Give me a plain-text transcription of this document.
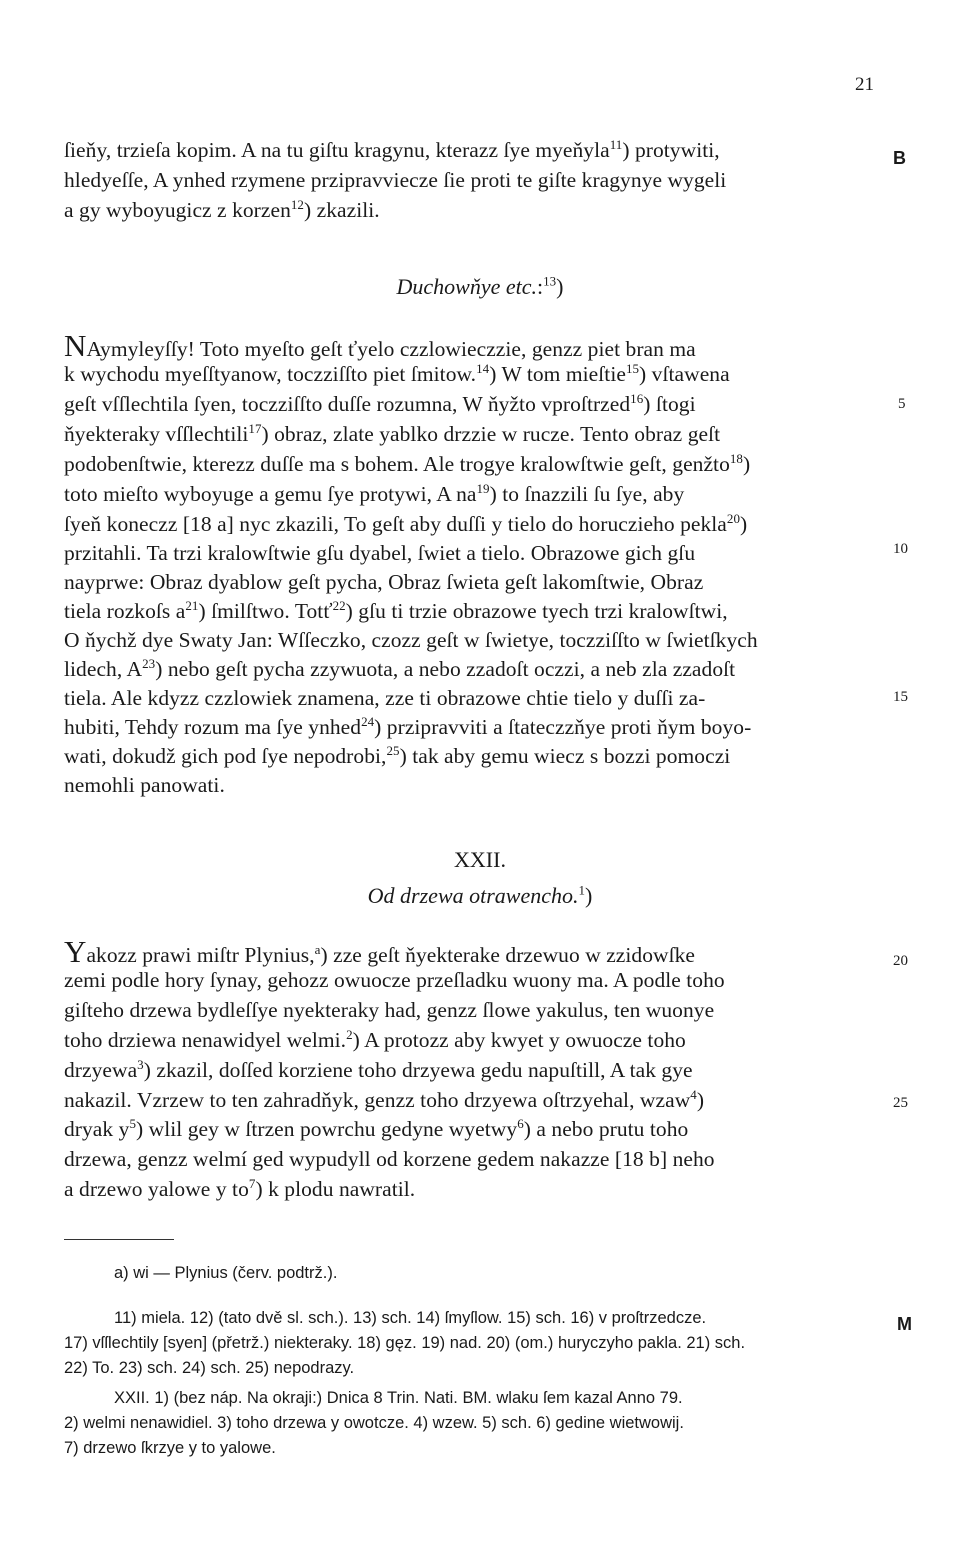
21
B
5
10
15
20
25
M
ſieňy, trzieſa kopim. A na tu giſtu kragynu, kterazz ſye myeňyla$^{11}$) protywiti,
hledyeſſe, A ynhed rzymene przipravviecze ſie proti te giſte kragynye wygeli
a gy wyboyugicz z korzen$^{12}$) zkazili.
Duchowňye etc.:$^{13}$)
NAymyleyſſy! Toto myeſto geſt ťyelo czzlowieczzie, genzz piet bran ma
k wychodu myeſſtyanow, toczziſſto piet ſmitow.$^{14}$) W tom mieſtie$^{15}$) vſtawena
geſt vſſlechtila ſyen, toczziſſto duſſe rozumna, W ňyžto vproſtrzed$^{16}$) ſtogi
ňyekteraky vſſlechtili$^{17}$) obraz, zlate yablko drzzie w rucze. Tento obraz geſt
podobenſtwie, kterezz duſſe ma s bohem. Ale trogye kralowſtwie geſt, genžto$^{18}$)
toto mieſto wyboyuge a gemu ſye protywi, A $na^{19}$) to ſnazzili ſu ſye, aby
ſyeň koneczz [18 a] nyc zkazili, To geſt aby duſſi y tielo do horuczieho pekla$^{20}$)
przitahli. Ta trzi kralowſtwie gſu dyabel, ſwiet a tielo. Obrazowe gich gſu
nayprwe: Obraz dyablow geſt pycha, Obraz ſwieta geſt lakomſtwie, Obraz
tiela rozkoſs $a^{21}$) ſmilſtwo. Totť$^{22}$) gſu ti trzie obrazowe tyech trzi kralowſtwi,
O ňychž dye Swaty Jan: Wſſeczko, czozz geſt w ſwietye, toczziſſto w ſwietſkych
lidech, $A^{23}$) nebo geſt pycha zzywuota, a nebo zzadoſt oczzi, a neb zla zzadoſt
tiela. Ale kdyzz czzlowiek znamena, zze ti obrazowe chtie tielo y duſſi za-
hubiti, Tehdy rozum ma ſye ynhed$^{24}$) przipravviti a ſtateczzňye proti ňym boyo-
wati, dokudž gich pod ſye nepodrobi,$^{25}$) tak aby gemu wiecz s bozzi pomoczi
nemohli panowati.
XXII.
Od drzewa otrawencho.$^1$)
Yakozz prawi miſtr Plynius,$^a$) zze geſt ňyekterake drzewuo w zzidowſke
zemi podle hory ſynay, gehozz owuocze przeſladku wuony ma. A podle toho
giſteho drzewa bydleſſye nyekteraky had, genzz ſlowe yakulus, ten wuonye
toho drziewa nenawidyel welmi.$^2$) A protozz aby kwyet y owuocze toho
drzyewa$^3$) zkazil, doſſed korziene toho drzyewa gedu napuſtill, A tak gye
nakazil. Vzrzew to ten zahradňyk, genzz toho drzyewa oſtrzyehal, wzaw$^4$)
dryak $y^5$) wlil gey w ſtrzen powrchu gedyne wyetwy$^6$) a nebo prutu toho
drzewa, genzz welmí ged wypudyll od korzene gedem nakazze [18 b] neho
a drzewo yalowe y $to^7$) k plodu nawratil.
a) wi — Plynius (červ. podtrž.).
11) miela. 12) (tato dvě sl. sch.). 13) sch. 14) ſmyſlow. 15) sch. 16) v proſtrzedcze.
17) vſſlechtily [syen] (přetrž.) niekteraky. 18) gęz. 19) nad. 20) (om.) huryczyho pakla. 21) sch.
22) To. 23) sch. 24) sch. 25) nepodrazy.
XXII. 1) (bez náp. Na okraji:) Dnica 8 Trin. Nati. BM. wlaku ſem kazal Anno 79.
2) welmi nenawidiel. 3) toho drzewa y owotcze. 4) wzew. 5) sch. 6) gedine wietwowij.
7) drzewo ſkrzye y to yalowe.
